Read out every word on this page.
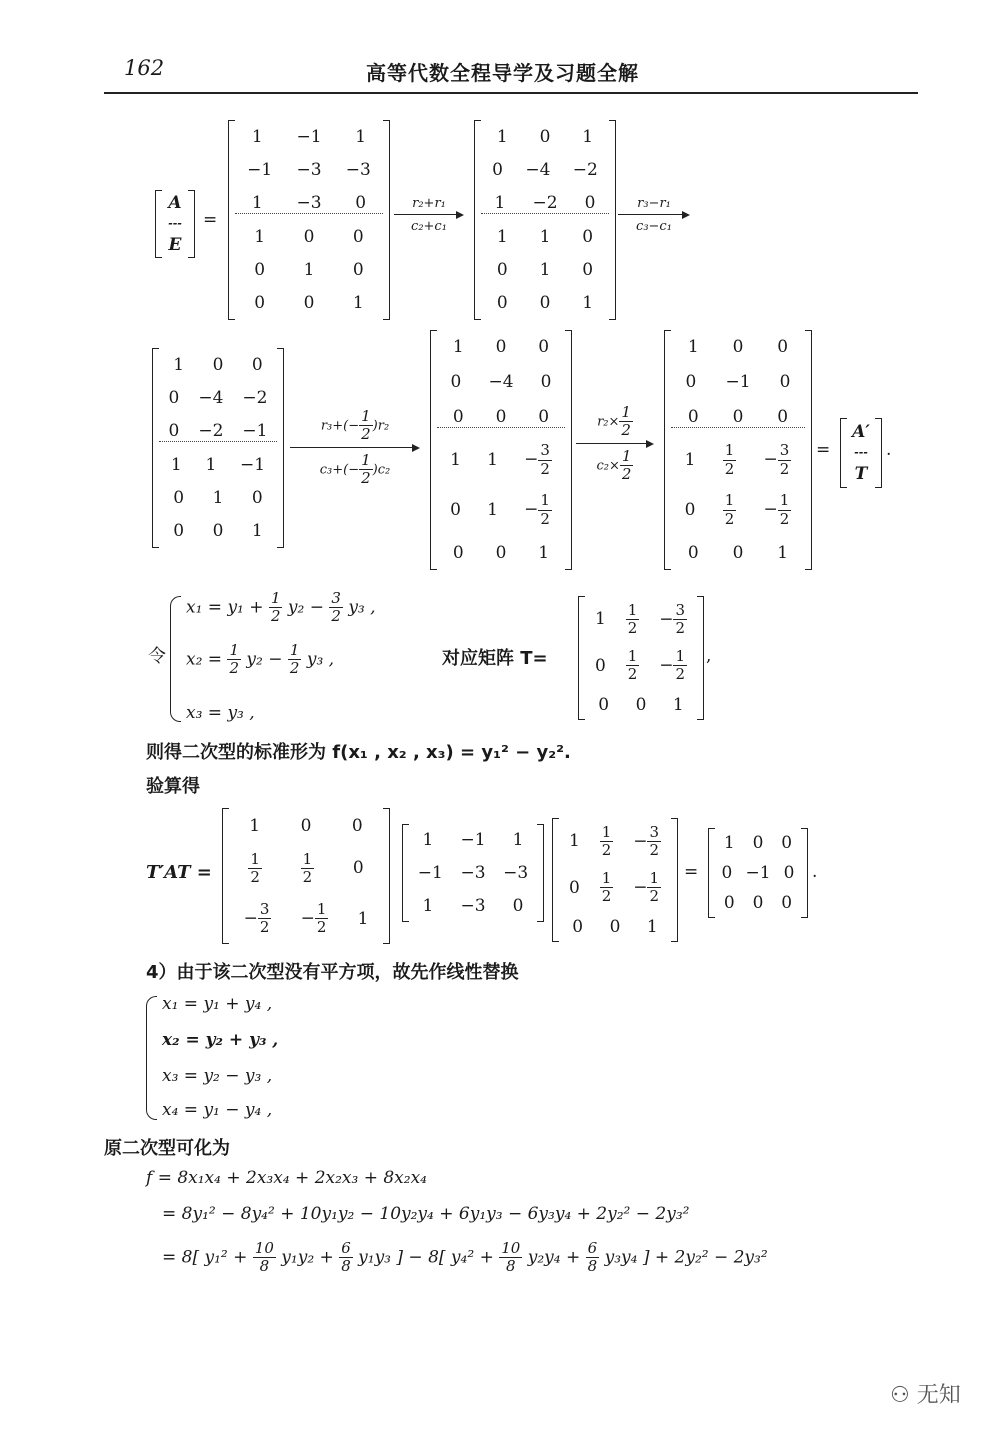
162	高等代数全程导学及习题全解
A
---
E
=
1 −1 1
−1 −3 −3
1 −3 0
1 0 0
0 1 0
0 0 1
r₂+r₁
c₂+c₁
1 0 1
0 −4 −2
1 −2 0
1 1 0
0 1 0
0 0 1
r₃−r₁
c₃−c₁
1 0 0
0 −4 −2
0 −2 −1
1 1 −1
0 1 0
0 0 1
$r_3+(- \frac{1}{2} )r_2$
$c_3+(- \frac{1}{2} )c_2$
1 0 0
0 −4 0
0 0 0
1 $1 - \frac{3}{2}$
0 $1 - \frac{1}{2}$
0 0 1
$r_2\times \frac{1}{2}$
$c_2\times \frac{1}{2}$
1 0 0
0 −1 0
0 0 0
1 1
$2 - \frac{3}{2}$
0 1
$2 - \frac{1}{2}$
0 0 1
=
A′
---
T
.
令
$x_1 = y_1 + \frac{1}{2} y_2 - \frac{3}{2} y_3$ ,
$x_2 = \frac{1}{2} y_2 - \frac{1}{2} y_3$ ,
x₃ = y₃ ,
对应矩阵 T=
1 1
$2 - \frac{3}{2}$
0 1
$2 - \frac{1}{2}$
0 0 1
,
则得二次型的标准形为 f(x₁ , x₂ , x₃) = y₁² − y₂².
验算得
T′AT =
1 0 0
1
2
1
2 0
− $\frac{3}{2} - \frac{1}{2} 1$
1 −1 1
−1 −3 −3
1 −3 0
1 1
$2 - \frac{3}{2}$
0 1
$2 - \frac{1}{2}$
0 0 1
=
1 0 0
0 −1 0
0 0 0
.
4）由于该二次型没有平方项，故先作线性替换
x₁ = y₁ + y₄ ,
x₂ = y₂ + y₃ ,
x₃ = y₂ − y₃ ,
x₄ = y₁ − y₄ ,
原二次型可化为
f = 8x₁x₄ + 2x₃x₄ + 2x₂x₃ + 8x₂x₄
= 8y₁² − 8y₄² + 10y₁y₂ − 10y₂y₄ + 6y₁y₃ − 6y₃y₄ + 2y₂² − 2y₃²
= 8[ $y_1^2 + \frac{10}{8} y_1y_2 + \frac{6}{8} y_1y_3$ ] − 8[ $y_4^2 + \frac{10}{8} y_2y_4 + \frac{6}{8} y_3y_4$ ] + 2y₂² − 2y₃²
⚇ 无知
